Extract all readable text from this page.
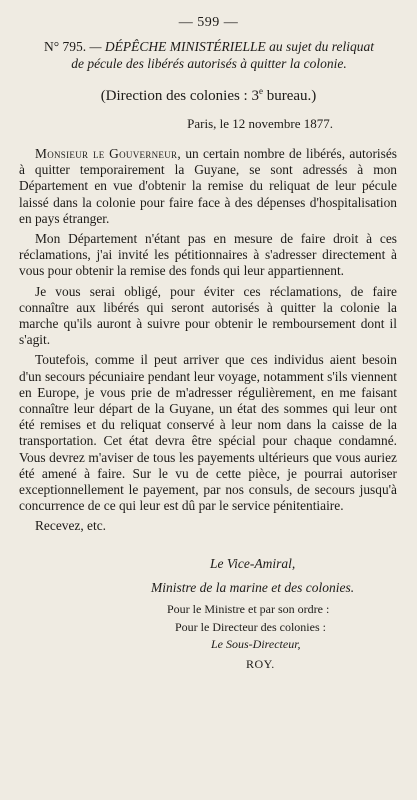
— 599 —
N° 795. — DÉPÊCHE MINISTÉRIELLE au sujet du reliquat de pécule des libérés autorisés à quitter la colonie.
(Direction des colonies : 3e bureau.)
Paris, le 12 novembre 1877.

Monsieur le Gouverneur, un certain nombre de libérés, autorisés à quitter temporairement la Guyane, se sont adressés à mon Département en vue d'obtenir la remise du reliquat de leur pécule laissé dans la colonie pour faire face à des dépenses d'hospitalisation en pays étranger.

Mon Département n'étant pas en mesure de faire droit à ces réclamations, j'ai invité les pétitionnaires à s'adresser directement à vous pour obtenir la remise des fonds qui leur appartiennent.

Je vous serai obligé, pour éviter ces réclamations, de faire connaître aux libérés qui seront autorisés à quitter la colonie la marche qu'ils auront à suivre pour obtenir le remboursement dont il s'agit.

Toutefois, comme il peut arriver que ces individus aient besoin d'un secours pécuniaire pendant leur voyage, notamment s'ils viennent en Europe, je vous prie de m'adresser régulièrement, en me faisant connaître leur départ de la Guyane, un état des sommes qui leur ont été remises et du reliquat conservé à leur nom dans la caisse de la transportation. Cet état devra être spécial pour chaque condamné. Vous devrez m'aviser de tous les payements ultérieurs que vous auriez été amené à faire. Sur le vu de cette pièce, je pourrai autoriser exceptionnellement le payement, par nos consuls, de secours jusqu'à concurrence de ce qui leur est dû par le service pénitentiaire.

Recevez, etc.

Le Vice-Amiral,
Ministre de la marine et des colonies.
Pour le Ministre et par son ordre :
Pour le Directeur des colonies :
Le Sous-Directeur,
ROY.
